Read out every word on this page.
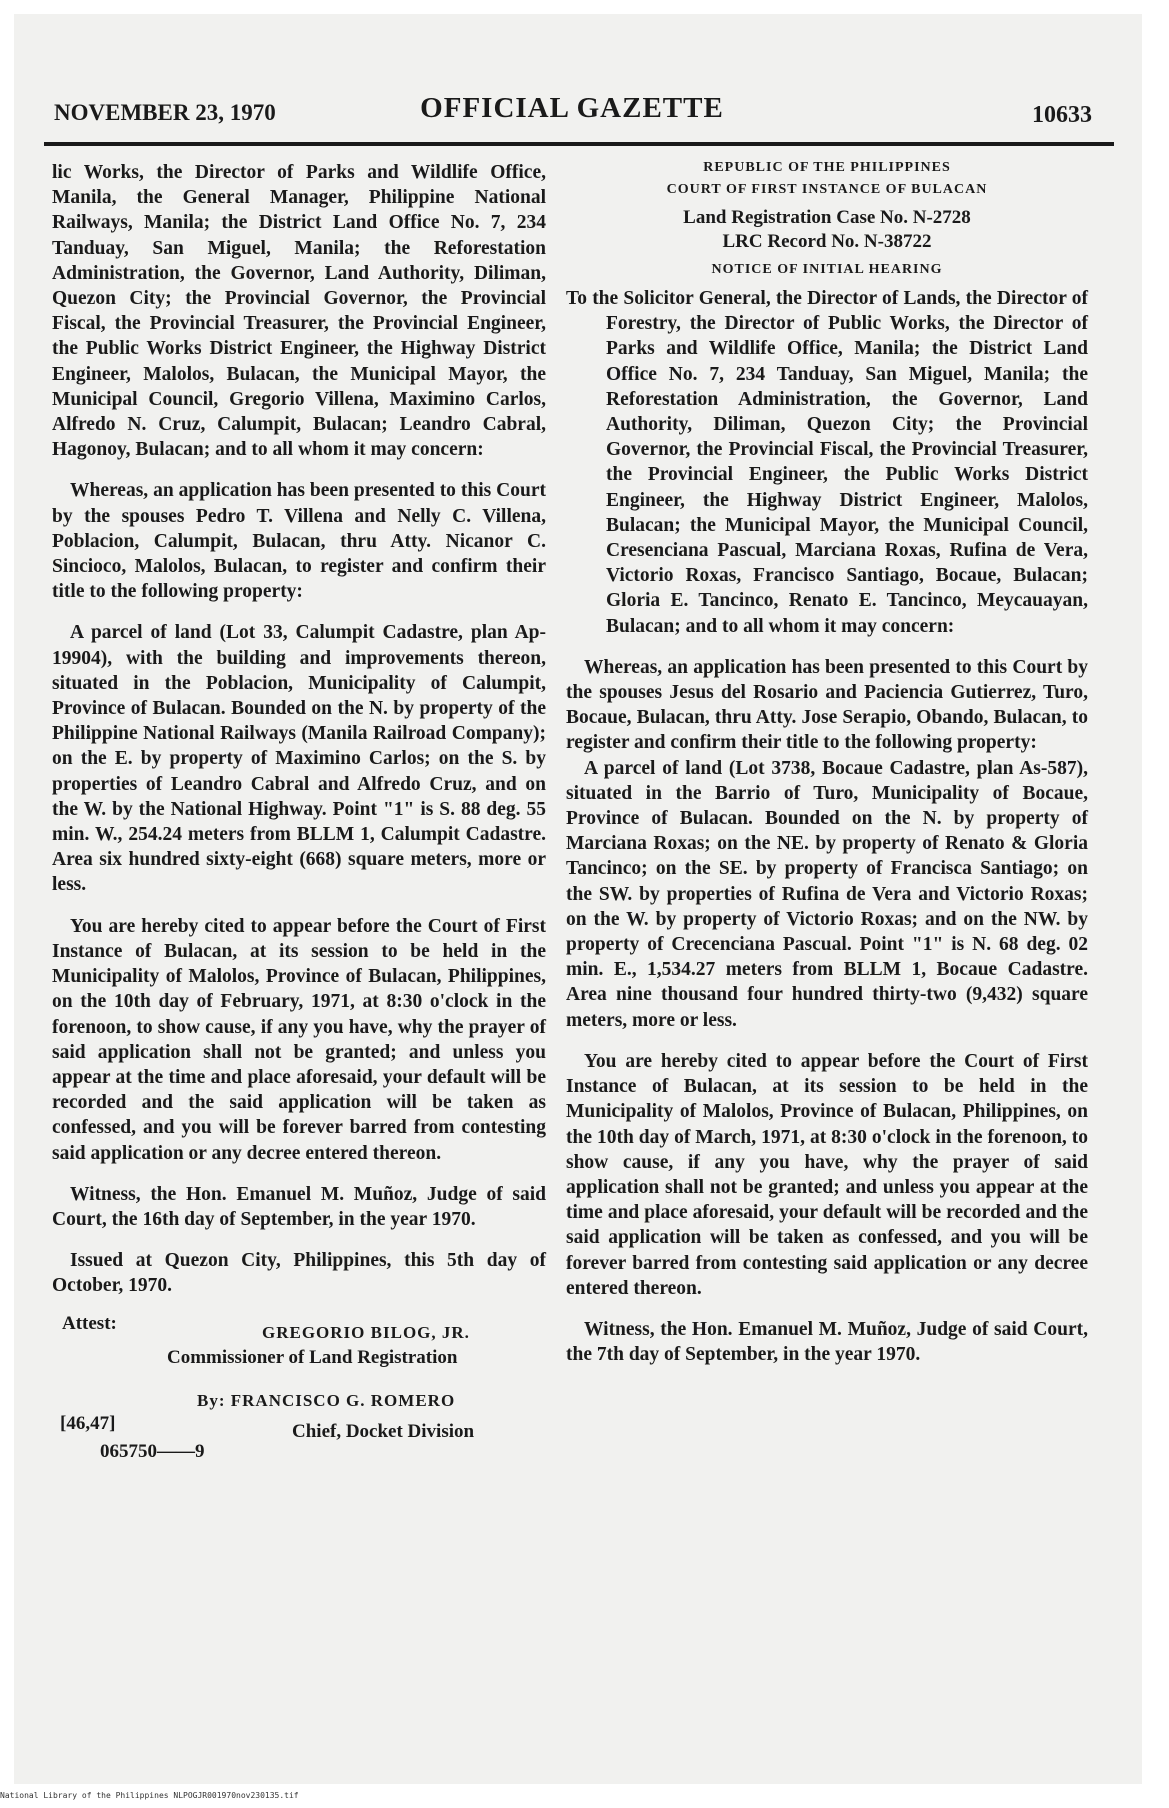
NOVEMBER 23, 1970	OFFICIAL GAZETTE	10633

lic Works, the Director of Parks and Wildlife Office, Manila, the General Manager, Philippine National Railways, Manila; the District Land Office No. 7, 234 Tanduay, San Miguel, Manila; the Reforestation Administration, the Governor, Land Authority, Diliman, Quezon City; the Provincial Governor, the Provincial Fiscal, the Provincial Treasurer, the Provincial Engineer, the Public Works District Engineer, the Highway District Engineer, Malolos, Bulacan, the Municipal Mayor, the Municipal Council, Gregorio Villena, Maximino Carlos, Alfredo N. Cruz, Calumpit, Bulacan; Leandro Cabral, Hagonoy, Bulacan; and to all whom it may concern:

Whereas, an application has been presented to this Court by the spouses Pedro T. Villena and Nelly C. Villena, Poblacion, Calumpit, Bulacan, thru Atty. Nicanor C. Sincioco, Malolos, Bulacan, to register and confirm their title to the following property:

A parcel of land (Lot 33, Calumpit Cadastre, plan Ap-19904), with the building and improvements thereon, situated in the Poblacion, Municipality of Calumpit, Province of Bulacan. Bounded on the N. by property of the Philippine National Railways (Manila Railroad Company); on the E. by property of Maximino Carlos; on the S. by properties of Leandro Cabral and Alfredo Cruz, and on the W. by the National Highway. Point "1" is S. 88 deg. 55 min. W., 254.24 meters from BLLM 1, Calumpit Cadastre. Area six hundred sixty-eight (668) square meters, more or less.

You are hereby cited to appear before the Court of First Instance of Bulacan, at its session to be held in the Municipality of Malolos, Province of Bulacan, Philippines, on the 10th day of February, 1971, at 8:30 o'clock in the forenoon, to show cause, if any you have, why the prayer of said application shall not be granted; and unless you appear at the time and place aforesaid, your default will be recorded and the said application will be taken as confessed, and you will be forever barred from contesting said application or any decree entered thereon.

Witness, the Hon. Emanuel M. Muñoz, Judge of said Court, the 16th day of September, in the year 1970.

Issued at Quezon City, Philippines, this 5th day of October, 1970.

Attest:	GREGORIO BILOG, JR.
Commissioner of Land Registration
By: FRANCISCO G. ROMERO
[46,47]	Chief, Docket Division
065750——9
REPUBLIC OF THE PHILIPPINES
COURT OF FIRST INSTANCE OF BULACAN
Land Registration Case No. N-2728
LRC Record No. N-38722
NOTICE OF INITIAL HEARING

To the Solicitor General, the Director of Lands, the Director of Forestry, the Director of Public Works, the Director of Parks and Wildlife Office, Manila; the District Land Office No. 7, 234 Tanduay, San Miguel, Manila; the Reforestation Administration, the Governor, Land Authority, Diliman, Quezon City; the Provincial Governor, the Provincial Fiscal, the Provincial Treasurer, the Provincial Engineer, the Public Works District Engineer, the Highway District Engineer, Malolos, Bulacan; the Municipal Mayor, the Municipal Council, Cresenciana Pascual, Marciana Roxas, Rufina de Vera, Victorio Roxas, Francisco Santiago, Bocaue, Bulacan; Gloria E. Tancinco, Renato E. Tancinco, Meycauayan, Bulacan; and to all whom it may concern:

Whereas, an application has been presented to this Court by the spouses Jesus del Rosario and Paciencia Gutierrez, Turo, Bocaue, Bulacan, thru Atty. Jose Serapio, Obando, Bulacan, to register and confirm their title to the following property:

A parcel of land (Lot 3738, Bocaue Cadastre, plan As-587), situated in the Barrio of Turo, Municipality of Bocaue, Province of Bulacan. Bounded on the N. by property of Marciana Roxas; on the NE. by property of Renato & Gloria Tancinco; on the SE. by property of Francisca Santiago; on the SW. by properties of Rufina de Vera and Victorio Roxas; on the W. by property of Victorio Roxas; and on the NW. by property of Crecenciana Pascual. Point "1" is N. 68 deg. 02 min. E., 1,534.27 meters from BLLM 1, Bocaue Cadastre. Area nine thousand four hundred thirty-two (9,432) square meters, more or less.

You are hereby cited to appear before the Court of First Instance of Bulacan, at its session to be held in the Municipality of Malolos, Province of Bulacan, Philippines, on the 10th day of March, 1971, at 8:30 o'clock in the forenoon, to show cause, if any you have, why the prayer of said application shall not be granted; and unless you appear at the time and place aforesaid, your default will be recorded and the said application will be taken as confessed, and you will be forever barred from contesting said application or any decree entered thereon.

Witness, the Hon. Emanuel M. Muñoz, Judge of said Court, the 7th day of September, in the year 1970.

National Library of the Philippines NLPOGJR001970nov230135.tif
